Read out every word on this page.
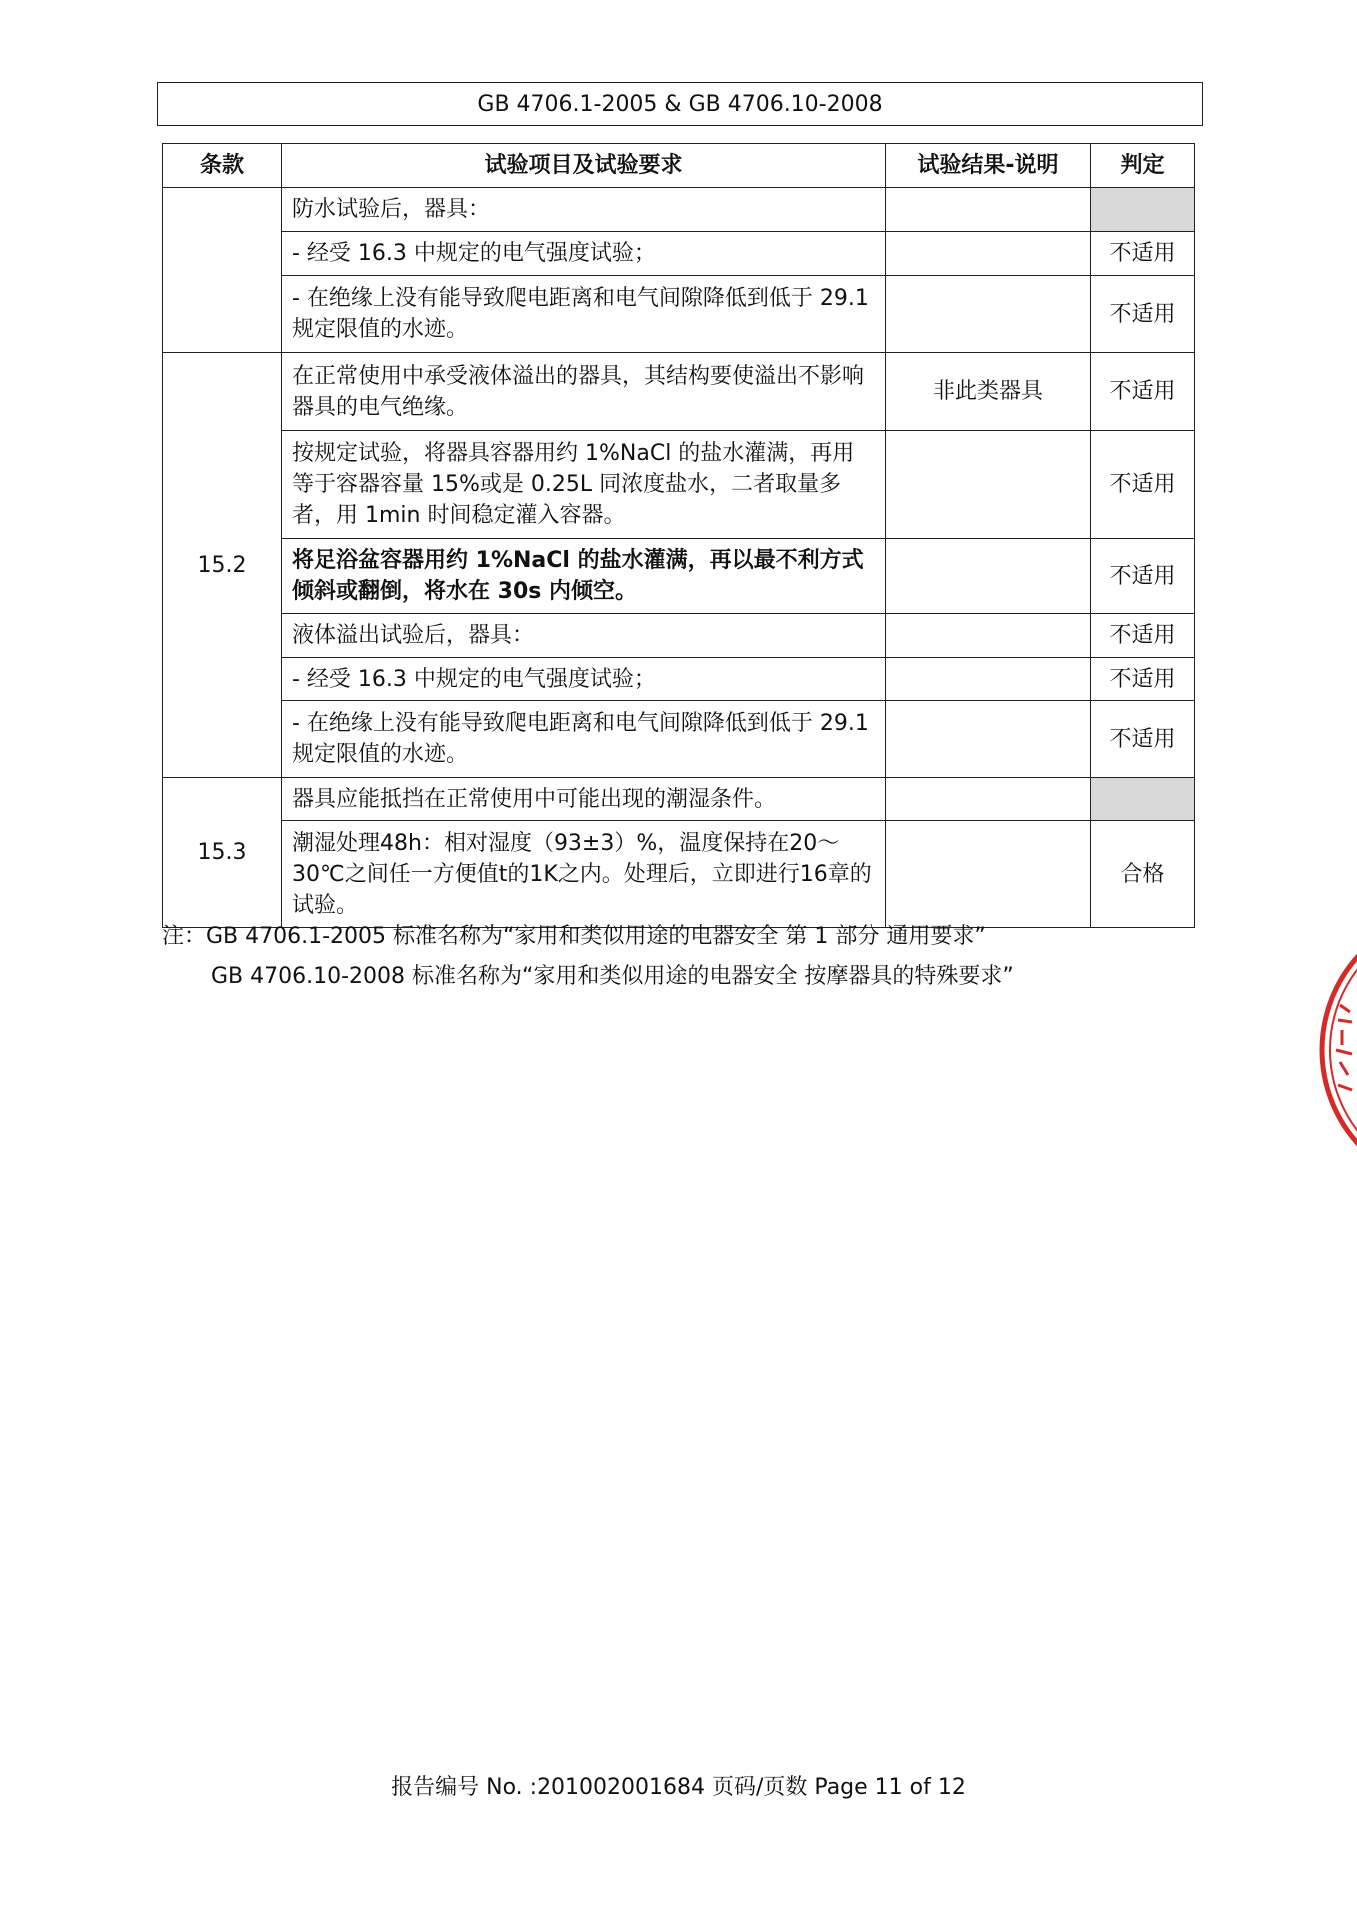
GB 4706.1-2005 & GB 4706.10-2008
条款	试验项目及试验要求	试验结果-说明	判定
	防水试验后，器具：		
	- 经受 16.3 中规定的电气强度试验；		不适用
	- 在绝缘上没有能导致爬电距离和电气间隙降低到低于 29.1 规定限值的水迹。		不适用
15.2	在正常使用中承受液体溢出的器具，其结构要使溢出不影响器具的电气绝缘。	非此类器具	不适用
	按规定试验，将器具容器用约 1%NaCl 的盐水灌满，再用等于容器容量 15%或是 0.25L 同浓度盐水，二者取量多者，用 1min 时间稳定灌入容器。		不适用
	将足浴盆容器用约 1%NaCl 的盐水灌满，再以最不利方式倾斜或翻倒，将水在 30s 内倾空。		不适用
	液体溢出试验后，器具：		不适用
	- 经受 16.3 中规定的电气强度试验；		不适用
	- 在绝缘上没有能导致爬电距离和电气间隙降低到低于 29.1 规定限值的水迹。		不适用
15.3	器具应能抵挡在正常使用中可能出现的潮湿条件。		
	潮湿处理48h：相对湿度（93±3）%，温度保持在20～30℃之间任一方便值t的1K之内。处理后，立即进行16章的试验。		合格
注：GB 4706.1-2005 标准名称为“家用和类似用途的电器安全 第 1 部分 通用要求”
GB 4706.10-2008 标准名称为“家用和类似用途的电器安全 按摩器具的特殊要求”
报告编号 No. :201002001684 页码/页数 Page 11 of 12
